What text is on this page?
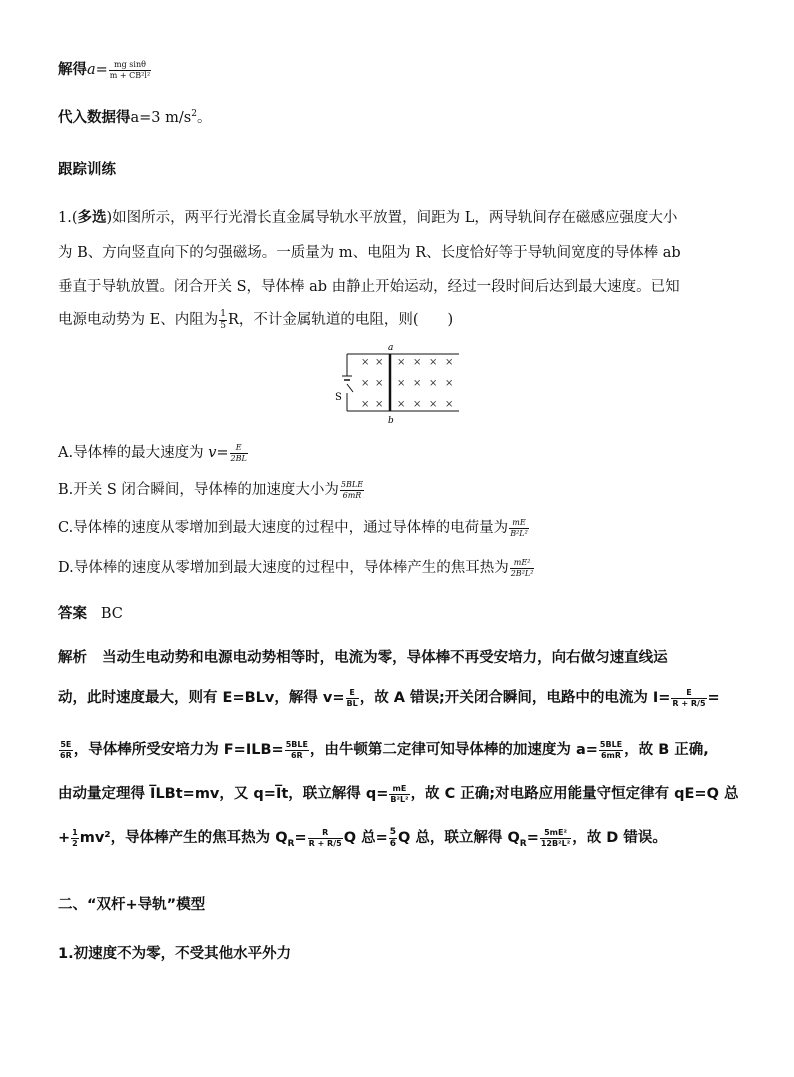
解得$a= \frac{\text{mg sinθ}}{\text{m + CB²l²}}$
代入数据得a=3 $m/s^2$。
跟踪训练
1.(多选)如图所示，两平行光滑长直金属导轨水平放置，间距为 L，两导轨间存在磁感应强度大小
为 B、方向竖直向下的匀强磁场。一质量为 m、电阻为 R、长度恰好等于导轨间宽度的导体棒 ab
垂直于导轨放置。闭合开关 S，导体棒 ab 由静止开始运动，经过一段时间后达到最大速度。已知
电源电动势为 E、内阻为 $\frac{1}{5}$ R，不计金属轨道的电阻，则(　　)
a
b
S
× × × × × ×
× × × × × ×
× × × × × ×
A.导体棒的最大速度为 $v= \frac{E}{2BL}$
B.开关 S 闭合瞬间，导体棒的加速度大小为 $\frac{\text{5BLE}}{6mR}$
C.导体棒的速度从零增加到最大速度的过程中，通过导体棒的电荷量为 $\frac{mE}{\text{B²L²}}$
D.导体棒的速度从零增加到最大速度的过程中，导体棒产生的焦耳热为 $\frac{\text{mE²}}{\text{2B²L²}}$
答案 BC
解析 当动生电动势和电源电动势相等时，电流为零，导体棒不再受安培力，向右做匀速直线运
动，此时速度最大，则有 E=BLv，解得 $v= \frac{E}{BL}$ ，故 A 错误;开关闭合瞬间，电路中的电流为 $I= \frac{E}{R + R/5}$ =
$\frac{5E}{6R}$ ，导体棒所受安培力为 $F=ILB= \frac{\text{5BLE}}{6R}$ ，由牛顿第二定律可知导体棒的加速度为 $a= \frac{\text{5BLE}}{6mR}$ ，故 B 正确,
由动量定理得 I̅LBt=mv，又 q=I̅t，联立解得 $q= \frac{mE}{\text{B²L²}}$ ，故 C 正确;对电路应用能量守恒定律有 qE=Q 总
+ $\frac{1}{2} mv^2$，导体棒产生的焦耳热为 $Q_R= \frac{R}{R + R/5}$ Q 总= $\frac{5}{6}$ Q 总，联立解得 $Q_R= \frac{\text{5mE²}}{\text{12B²L²}}$ ，故 D 错误。
二、“双杆+导轨”模型
1.初速度不为零，不受其他水平外力
